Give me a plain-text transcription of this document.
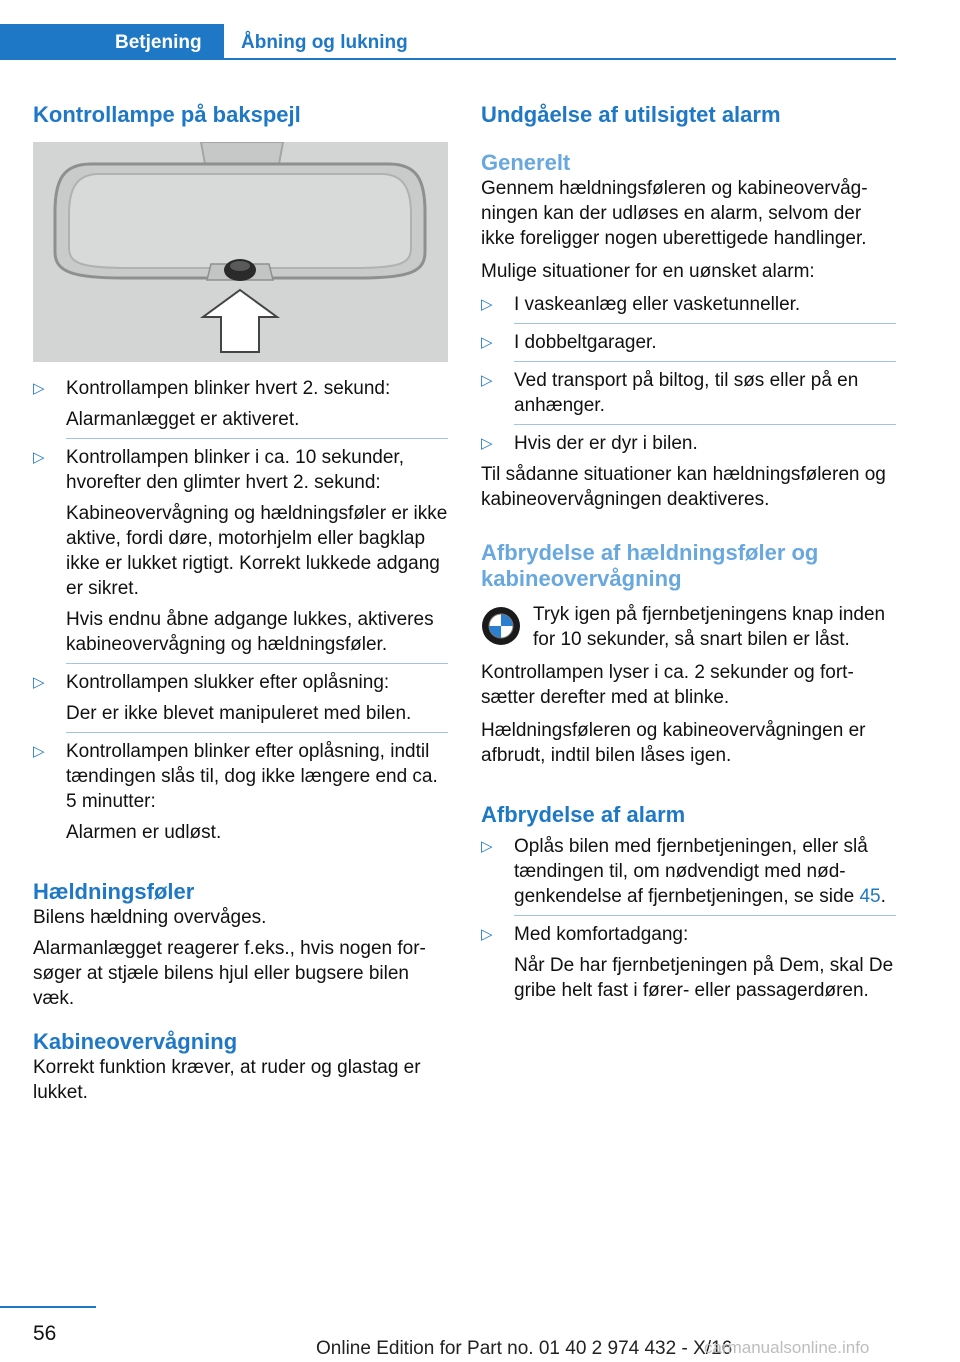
Betjening Åbning og lukning
Kontrollampe på bakspejl
▷ Kontrollampen blinker hvert 2. sekund:
Alarmanlægget er aktiveret.
▷ Kontrollampen blinker i ca. 10 sekunder, hvorefter den glimter hvert 2. sekund:
Kabineovervågning og hældningsføler er ikke aktive, fordi døre, motorhjelm eller bagklap ikke er lukket rigtigt. Korrekt lukkede adgang er sikret.
Hvis endnu åbne adgange lukkes, aktiveres kabineovervågning og hældningsføler.
▷ Kontrollampen slukker efter oplåsning:
Der er ikke blevet manipuleret med bilen.
▷ Kontrollampen blinker efter oplåsning, indtil tændingen slås til, dog ikke længere end ca. 5 minutter:
Alarmen er udløst.
Hældningsføler

Bilens hældning overvåges.

Alarmanlægget reagerer f.eks., hvis nogen forsøger at stjæle bilens hjul eller bugsere bilen væk.

Kabineovervågning

Korrekt funktion kræver, at ruder og glastag er lukket.

Undgåelse af utilsigtet alarm
Generelt

Gennem hældningsføleren og kabineovervågningen kan der udløses en alarm, selvom der ikke foreligger nogen uberettigede handlinger.

Mulige situationer for en uønsket alarm:

▷ I vaskeanlæg eller vasketunneller.
▷ I dobbeltgarager.
▷ Ved transport på biltog, til søs eller på en anhænger.
▷ Hvis der er dyr i bilen.

Til sådanne situationer kan hældningsføleren og kabineovervågningen deaktiveres.

Afbrydelse af hældningsføler og kabineovervågning

Tryk igen på fjernbetjeningens knap inden for 10 sekunder, så snart bilen er låst.

Kontrollampen lyser i ca. 2 sekunder og fortsætter derefter med at blinke.

Hældningsføleren og kabineovervågningen er afbrudt, indtil bilen låses igen.

Afbrydelse af alarm
▷ Oplås bilen med fjernbetjeningen, eller slå tændingen til, om nødvendigt med nødgenkendelse af fjernbetjeningen, se side 45.
▷ Med komfortadgang:
Når De har fjernbetjeningen på Dem, skal De gribe helt fast i fører- eller passagerdøren.
56
Online Edition for Part no. 01 40 2 974 432 - X/16
carmanualsonline.info
